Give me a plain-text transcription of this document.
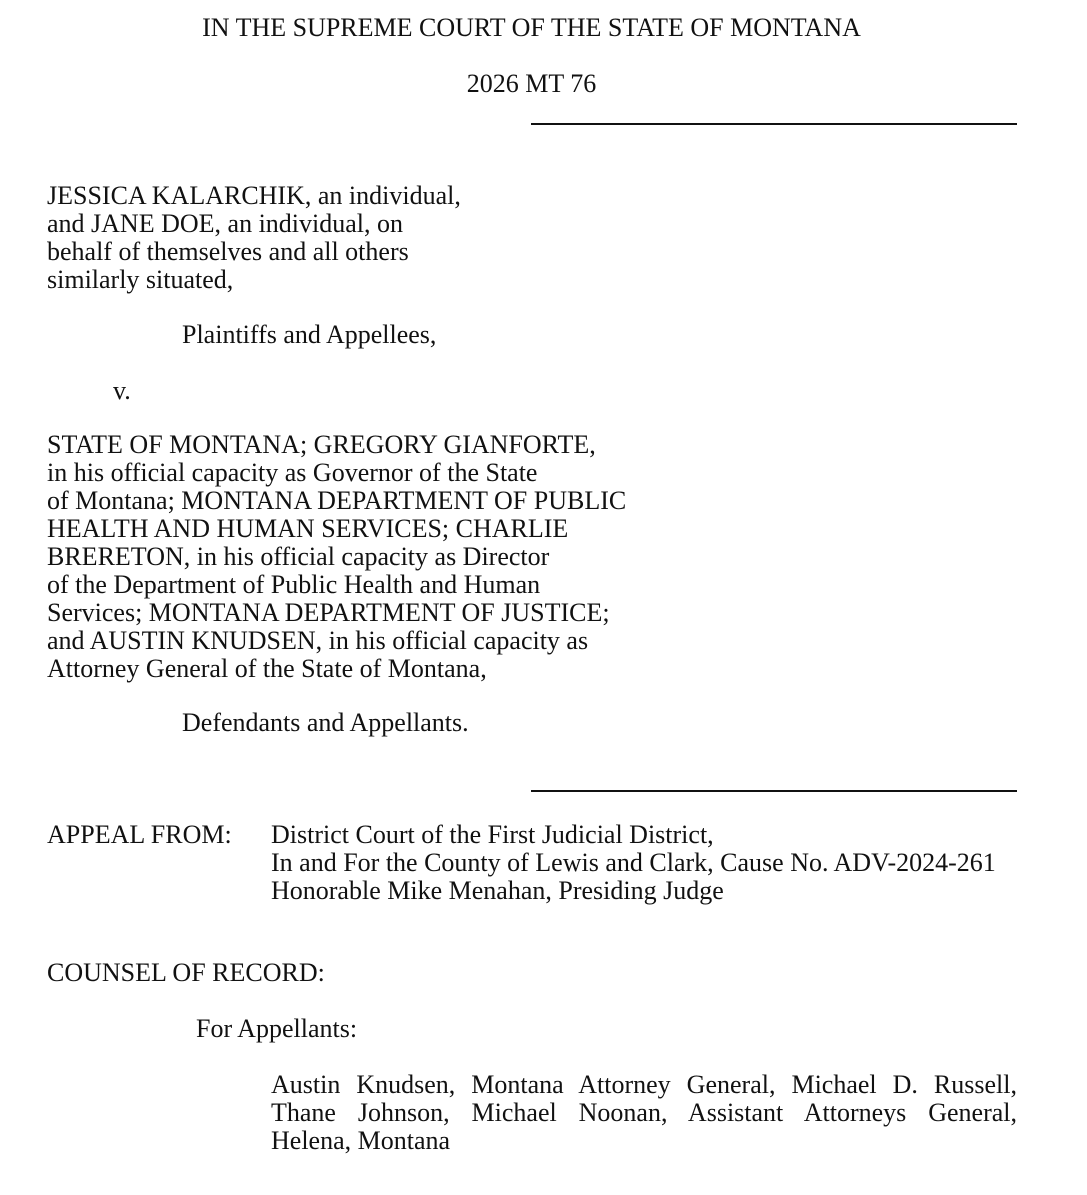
IN THE SUPREME COURT OF THE STATE OF MONTANA
2026 MT 76
JESSICA KALARCHIK, an individual,
and JANE DOE, an individual, on
behalf of themselves and all others
similarly situated,
Plaintiffs and Appellees,
v.
STATE OF MONTANA; GREGORY GIANFORTE,
in his official capacity as Governor of the State
of Montana; MONTANA DEPARTMENT OF PUBLIC
HEALTH AND HUMAN SERVICES; CHARLIE
BRERETON, in his official capacity as Director
of the Department of Public Health and Human
Services; MONTANA DEPARTMENT OF JUSTICE;
and AUSTIN KNUDSEN, in his official capacity as
Attorney General of the State of Montana,
Defendants and Appellants.
APPEAL FROM: District Court of the First Judicial District,
In and For the County of Lewis and Clark, Cause No. ADV-2024-261
Honorable Mike Menahan, Presiding Judge
COUNSEL OF RECORD:
For Appellants:
Austin Knudsen, Montana Attorney General, Michael D. Russell,
Thane Johnson, Michael Noonan, Assistant Attorneys General,
Helena, Montana
